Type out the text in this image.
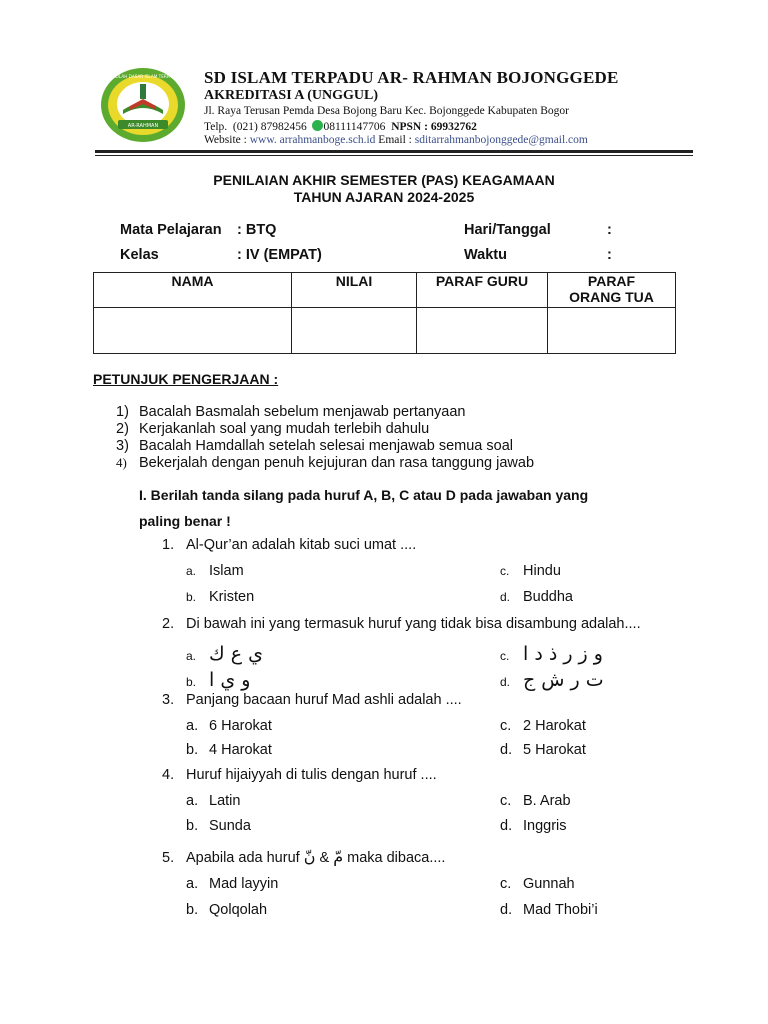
AR-RAHMAN
SEKOLAH DASAR ISLAM TERPADU SD ISLAM TERPADU AR- RAHMAN BOJONGGEDE
AKREDITASI A (UNGGUL)
Jl. Raya Terusan Pemda Desa Bojong Baru Kec. Bojonggede Kabupaten Bogor
Telp. (021) 87982456 08111147706 NPSN : 69932762
Website : www. arrahmanboge.sch.id Email : sditarrahmanbojonggede@gmail.com
PENILAIAN AKHIR SEMESTER (PAS) KEAGAMAAN
TAHUN AJARAN 2024-2025
Mata Pelajaran : BTQ
Kelas	: IV (EMPAT)
Hari/Tanggal	:
Waktu	:
NAMA	NILAI	PARAF GURU	PARAF
ORANG TUA

PETUNJUK PENGERJAAN :
1) Bacalah Basmalah sebelum menjawab pertanyaan
2) Kerjakanlah soal yang mudah terlebih dahulu
3) Bacalah Hamdallah setelah selesai menjawab semua soal
4) Bekerjalah dengan penuh kejujuran dan rasa tanggung jawab
I. Berilah tanda silang pada huruf A, B, C atau D pada jawaban yang
paling benar !
1. Al-Qur’an adalah kitab suci umat ....
a. Islam	c. Hindu
b. Kristen	d. Buddha
2. Di bawah ini yang termasuk huruf yang tidak bisa disambung adalah....
a. ي ع ك	c. و ز ر ذ د ا
b. و ي ا	d. ت ر ش ج
3. Panjang bacaan huruf Mad ashli adalah ....
a. 6 Harokat	c. 2 Harokat
b. 4 Harokat	d. 5 Harokat
4. Huruf hijaiyyah di tulis dengan huruf ....
a. Latin	c. B. Arab
b. Sunda	d. Inggris
5. Apabila ada huruf مّ & نّ maka dibaca....
a. Mad layyin	c. Gunnah
b. Qolqolah	d. Mad Thobi’i
